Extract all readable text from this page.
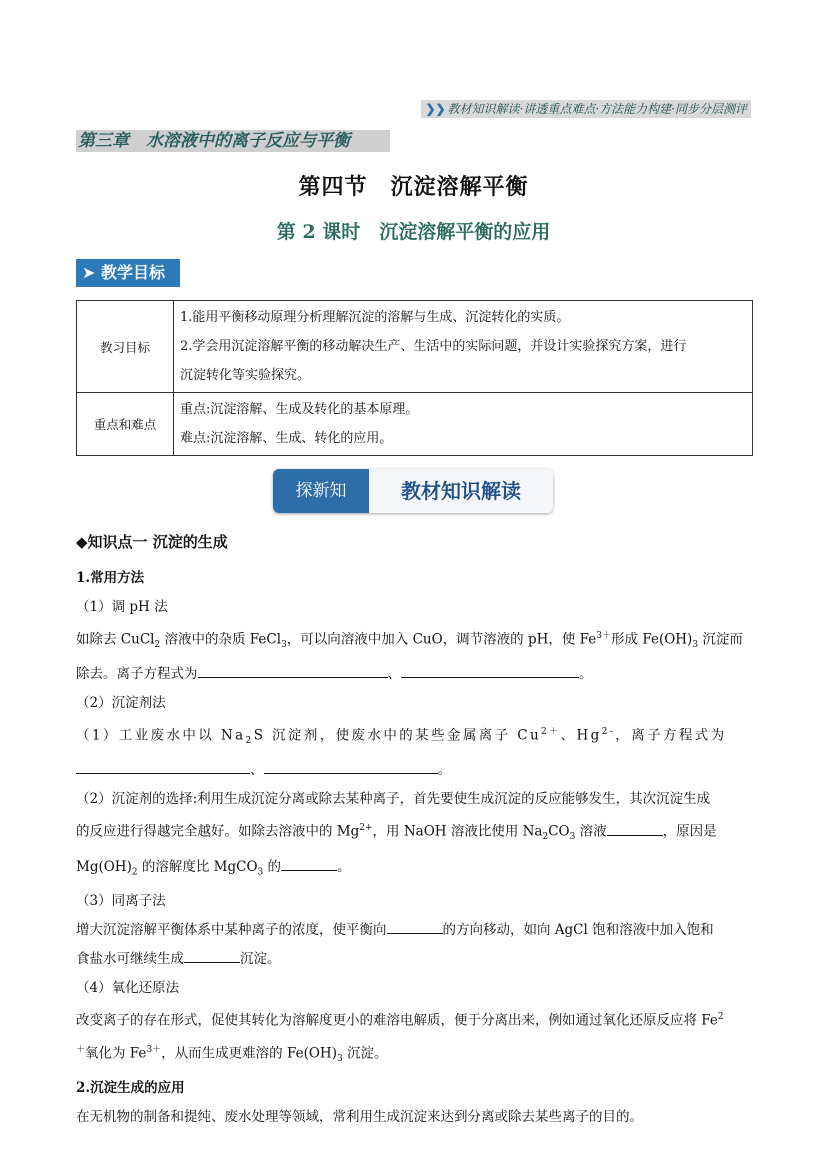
❯❯ 教材知识解读·讲透重点难点·方法能力构建·同步分层测评
第三章　水溶液中的离子反应与平衡
第四节　沉淀溶解平衡
第 2 课时　沉淀溶解平衡的应用
➤ 教学目标
教习目标	1.能用平衡移动原理分析理解沉淀的溶解与生成、沉淀转化的实质。
2.学会用沉淀溶解平衡的移动解决生产、生活中的实际问题，并设计实验探究方案，进行
沉淀转化等实验探究。

重点和难点	重点:沉淀溶解、生成及转化的基本原理。
难点:沉淀溶解、生成、转化的应用。
探新知	教材知识解读
◆知识点一 沉淀的生成

1.常用方法

（1）调 pH 法

如除去 CuCl$_2$ 溶液中的杂质 FeCl$_3$，可以向溶液中加入 CuO，调节溶液的 pH，使 $Fe^{3+}$形成 $Fe(OH)_3$ 沉淀而

除去。离子方程式为	、	。

（2）沉淀剂法

（1）工业废水中以 $Na_2S$ 沉淀剂，使废水中的某些金属离子 $Cu^{2+}$、$Hg^{2-}$，离子方程式为

、	。

（2）沉淀剂的选择:利用生成沉淀分离或除去某种离子，首先要使生成沉淀的反应能够发生，其次沉淀生成

的反应进行得越完全越好。如除去溶液中的 $Mg^{2+}$，用 NaOH 溶液比使用 $Na_2CO_3$ 溶液	，原因是

$Mg(OH)_2$ 的溶解度比 MgCO$_3$ 的	。

（3）同离子法

增大沉淀溶解平衡体系中某种离子的浓度，使平衡向	的方向移动，如向 AgCl 饱和溶液中加入饱和

食盐水可继续生成	沉淀。

（4）氧化还原法

改变离子的存在形式，促使其转化为溶解度更小的难溶电解质，便于分离出来，例如通过氧化还原反应将 Fe$^2$

＋氧化为 $Fe^{3+}$，从而生成更难溶的 $Fe(OH)_3$ 沉淀。

2.沉淀生成的应用

在无机物的制备和提纯、废水处理等领域，常利用生成沉淀来达到分离或除去某些离子的目的。
